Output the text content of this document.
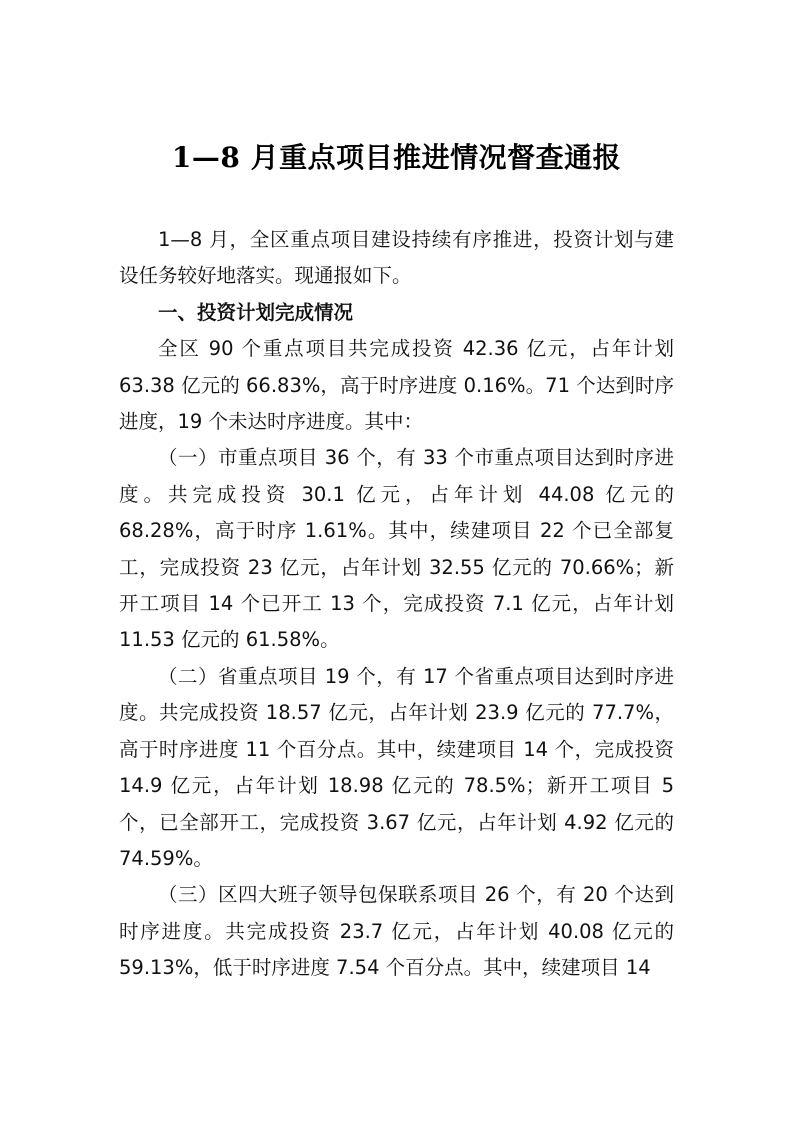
1—8 月重点项目推进情况督查通报

1—8 月，全区重点项目建设持续有序推进，投资计划与建设任务较好地落实。现通报如下。

一、投资计划完成情况

全区 90 个重点项目共完成投资 42.36 亿元，占年计划 63.38 亿元的 66.83%，高于时序进度 0.16%。71 个达到时序进度，19 个未达时序进度。其中：

（一）市重点项目 36 个，有 33 个市重点项目达到时序进度。共完成投资 30.1 亿元，占年计划 44.08 亿元的 68.28%，高于时序 1.61%。其中，续建项目 22 个已全部复工，完成投资 23 亿元，占年计划 32.55 亿元的 70.66%；新开工项目 14 个已开工 13 个，完成投资 7.1 亿元，占年计划 11.53 亿元的 61.58%。

（二）省重点项目 19 个，有 17 个省重点项目达到时序进度。共完成投资 18.57 亿元，占年计划 23.9 亿元的 77.7%，高于时序进度 11 个百分点。其中，续建项目 14 个，完成投资 14.9 亿元，占年计划 18.98 亿元的 78.5%；新开工项目 5 个，已全部开工，完成投资 3.67 亿元，占年计划 4.92 亿元的 74.59%。

（三）区四大班子领导包保联系项目 26 个，有 20 个达到时序进度。共完成投资 23.7 亿元，占年计划 40.08 亿元的 59.13%，低于时序进度 7.54 个百分点。其中，续建项目 14
